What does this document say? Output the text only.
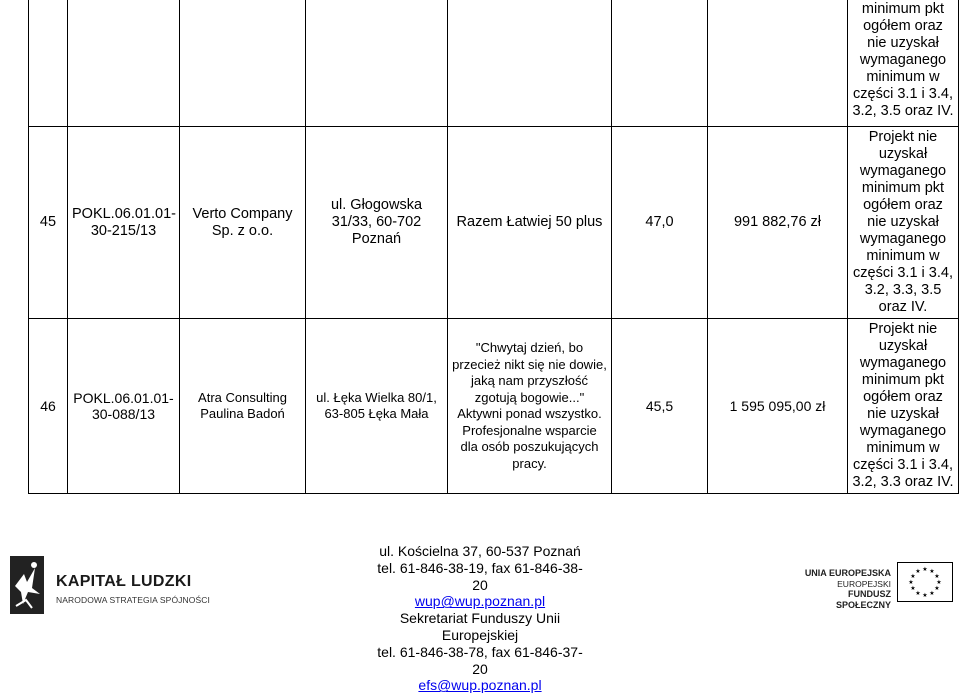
							minimum pkt ogółem oraz nie uzyskał wymaganego minimum w części 3.1 i 3.4, 3.2, 3.5 oraz IV.
45	POKL.06.01.01-30-215/13	Verto Company Sp. z o.o.	ul. Głogowska 31/33, 60-702 Poznań	Razem Łatwiej 50 plus	47,0	991 882,76 zł	Projekt nie uzyskał wymaganego minimum pkt ogółem oraz nie uzyskał wymaganego minimum w części 3.1 i 3.4, 3.2, 3.3, 3.5 oraz IV.
46	POKL.06.01.01-30-088/13	Atra Consulting Paulina Badoń	ul. Łęka Wielka 80/1, 63-805 Łęka Mała	"Chwytaj dzień, bo przecież nikt się nie dowie, jaką nam przyszłość zgotują bogowie..." Aktywni ponad wszystko. Profesjonalne wsparcie dla osób poszukujących pracy.	45,5	1 595 095,00 zł	Projekt nie uzyskał wymaganego minimum pkt ogółem oraz nie uzyskał wymaganego minimum w części 3.1 i 3.4, 3.2, 3.3 oraz IV.
KAPITAŁ LUDZKI
NARODOWA STRATEGIA SPÓJNOŚCI
ul. Kościelna 37, 60-537 Poznań
tel. 61-846-38-19, fax 61-846-38-20
wup@wup.poznan.pl
Sekretariat Funduszy Unii Europejskiej
tel. 61-846-38-78, fax 61-846-37-20
efs@wup.poznan.pl
UNIA EUROPEJSKA
EUROPEJSKI
FUNDUSZ SPOŁECZNY
★ ★
★
★
★
★
★
★
★
★
★
★
